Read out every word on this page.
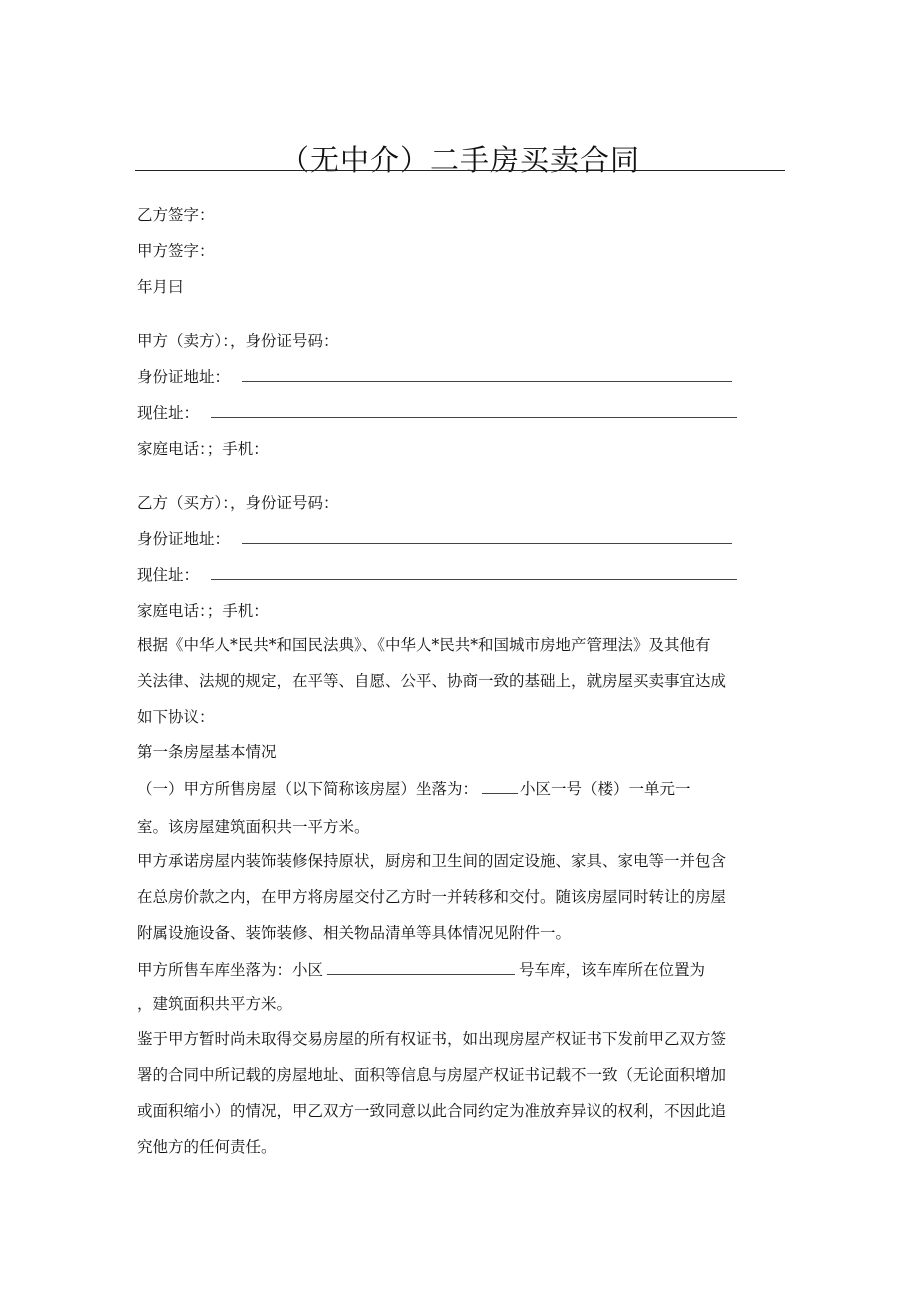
（无中介）二手房买卖合同
乙方签字：
甲方签字：
年月曰
甲方（卖方）：，身份证号码：
身份证地址：
现住址：
家庭电话：；手机：
乙方（买方）：，身份证号码：
身份证地址：
现住址：
家庭电话：；手机：
根据《中华人*民共*和国民法典》、《中华人*民共*和国城市房地产管理法》及其他有
关法律、法规的规定，在平等、自愿、公平、协商一致的基础上，就房屋买卖事宜达成
如下协议：
第一条房屋基本情况
（一）甲方所售房屋（以下简称该房屋）坐落为：	小区一号（楼）一单元一
室。该房屋建筑面积共一平方米。
甲方承诺房屋内装饰装修保持原状，厨房和卫生间的固定设施、家具、家电等一并包含
在总房价款之内，在甲方将房屋交付乙方时一并转移和交付。随该房屋同时转让的房屋
附属设施设备、装饰装修、相关物品清单等具体情况见附件一。
甲方所售车库坐落为：小区	号车库，该车库所在位置为
，建筑面积共平方米。
鉴于甲方暂时尚未取得交易房屋的所有权证书，如出现房屋产权证书下发前甲乙双方签
署的合同中所记载的房屋地址、面积等信息与房屋产权证书记载不一致（无论面积增加
或面积缩小）的情况，甲乙双方一致同意以此合同约定为准放弃异议的权利，不因此追
究他方的任何责任。
